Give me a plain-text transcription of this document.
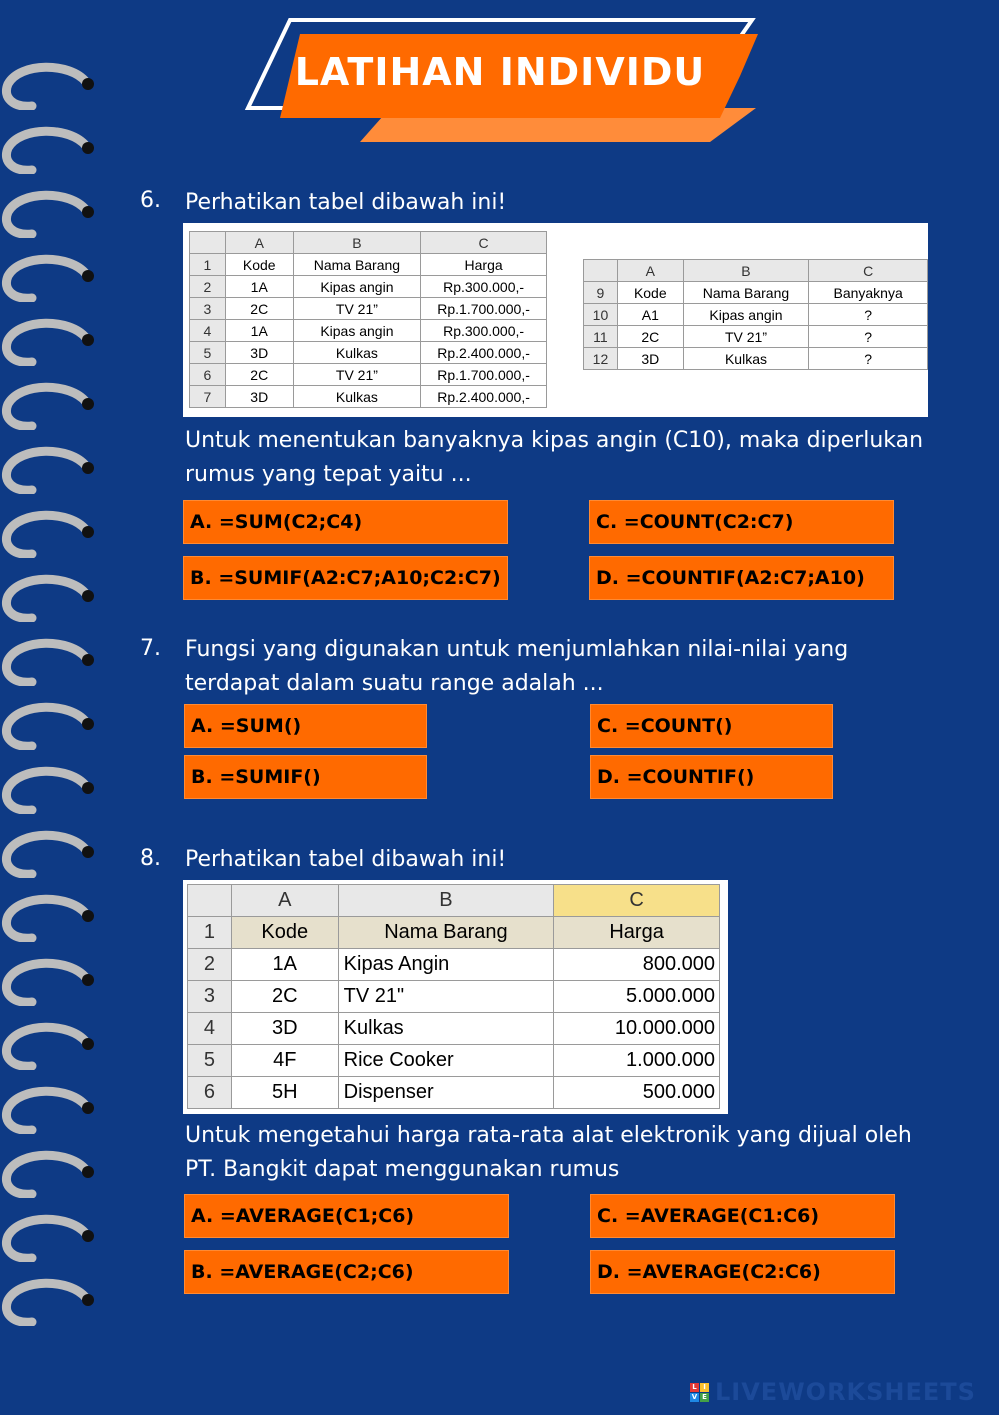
LATIHAN INDIVIDU
6. Perhatikan tabel dibawah ini!
	A	B	C
1	Kode	Nama Barang	Harga
2	1A	Kipas angin	Rp.300.000,-
3	2C	TV 21”	Rp.1.700.000,-
4	1A	Kipas angin	Rp.300.000,-
5	3D	Kulkas	Rp.2.400.000,-
6	2C	TV 21”	Rp.1.700.000,-
7	3D	Kulkas	Rp.2.400.000,-
	A	B	C
9	Kode	Nama Barang	Banyaknya
10	A1	Kipas angin	?
11	2C	TV 21”	?
12	3D	Kulkas	?
Untuk menentukan banyaknya kipas angin (C10), maka diperlukan
rumus yang tepat yaitu ...
A. =SUM(C2;C4)	C. =COUNT(C2:C7)
B. =SUMIF(A2:C7;A10;C2:C7)	D. =COUNTIF(A2:C7;A10)
7. Fungsi yang digunakan untuk menjumlahkan nilai-nilai yang
terdapat dalam suatu range adalah ...
A. =SUM()	C. =COUNT()
B. =SUMIF()	D. =COUNTIF()
8. Perhatikan tabel dibawah ini!
	A	B	C
1	Kode	Nama Barang	Harga
2	1A	Kipas Angin	800.000
3	2C	TV 21"	5.000.000
4	3D	Kulkas	10.000.000
5	4F	Rice Cooker	1.000.000
6	5H	Dispenser	500.000
Untuk mengetahui harga rata-rata alat elektronik yang dijual oleh
PT. Bangkit dapat menggunakan rumus
A. =AVERAGE(C1;C6)	C. =AVERAGE(C1:C6)
B. =AVERAGE(C2;C6)	D. =AVERAGE(C2:C6)
L I
V E LIVEWORKSHEETS
